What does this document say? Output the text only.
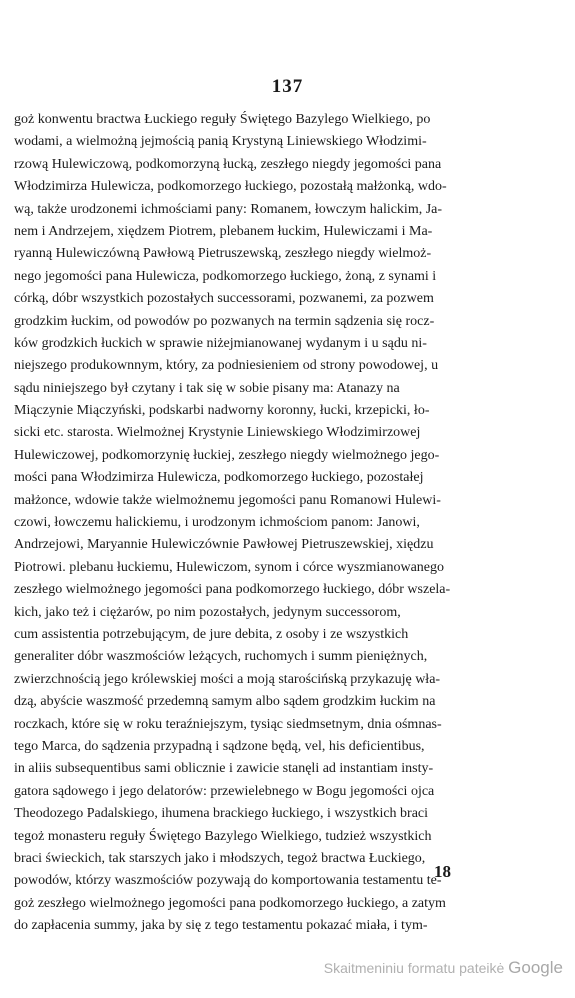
137
goż konwentu bractwa Łuckiego reguły Świętego Bazylego Wielkiego, po
wodami, a wielmożną jejmością panią Krystyną Liniewskiego Włodzimi-
rzową Hulewiczową, podkomorzyną łucką, zeszłego niegdy jegomości pana
Włodzimirza Hulewicza, podkomorzego łuckiego, pozostałą małżonką, wdo-
wą, także urodzonemi ichmościami pany: Romanem, łowczym halickim, Ja-
nem i Andrzejem, xiędzem Piotrem, plebanem łuckim, Hulewiczami i Ma-
ryanną Hulewiczówną Pawłową Pietruszewską, zeszłego niegdy wielmoż-
nego jegomości pana Hulewicza, podkomorzego łuckiego, żoną, z synami i
córką, dóbr wszystkich pozostałych successorami, pozwanemi, za pozwem
grodzkim łuckim, od powodów po pozwanych na termin sądzenia się rocz-
ków grodzkich łuckich w sprawie niżejmianowanej wydanym i u sądu ni-
niejszego produkownnym, który, za podniesieniem od strony powodowej, u
sądu niniejszego był czytany i tak się w sobie pisany ma: Atanazy na
Miączynie Miączyński, podskarbi nadworny koronny, łucki, krzepicki, ło-
sicki etc. starosta. Wielmożnej Krystynie Liniewskiego Włodzimirzowej
Hulewiczowej, podkomorzynię łuckiej, zeszłego niegdy wielmożnego jego-
mości pana Włodzimirza Hulewicza, podkomorzego łuckiego, pozostałej
małżonce, wdowie także wielmożnemu jegomości panu Romanowi Hulewi-
czowi, łowczemu halickiemu, i urodzonym ichmościom panom: Janowi,
Andrzejowi, Maryannie Hulewiczównie Pawłowej Pietruszewskiej, xiędzu
Piotrowi. plebanu łuckiemu, Hulewiczom, synom i córce wyszmianowanego
zeszłego wielmożnego jegomości pana podkomorzego łuckiego, dóbr wszela-
kich, jako też i ciężarów, po nim pozostałych, jedynym successorom,
cum assistentia potrzebującym, de jure debita, z osoby i ze wszystkich
generaliter dóbr waszmościów leżących, ruchomych i summ pieniężnych,
zwierzchnością jego królewskiej mości a moją starościńską przykazuję wła-
dzą, abyście waszmość przedemną samym albo sądem grodzkim łuckim na
roczkach, które się w roku teraźniejszym, tysiąc siedmsetnym, dnia ośmnas-
tego Marca, do sądzenia przypadną i sądzone będą, vel, his deficientibus,
in aliis subsequentibus sami oblicznie i zawicie stanęli ad instantiam insty-
gatora sądowego i jego delatorów: przewielebnego w Bogu jegomości ojca
Theodozego Padalskiego, ihumena brackiego łuckiego, i wszystkich braci
tegoż monasteru reguły Świętego Bazylego Wielkiego, tudzież wszystkich
braci świeckich, tak starszych jako i młodszych, tegoż bractwa Łuckiego,
powodów, którzy waszmościów pozywają do komportowania testamentu te-
goż zeszłego wielmożnego jegomości pana podkomorzego łuckiego, a zatym
do zapłacenia summy, jaka by się z tego testamentu pokazać miała, i tym-
18
Skaitmeniniu formatu pateikė Google
